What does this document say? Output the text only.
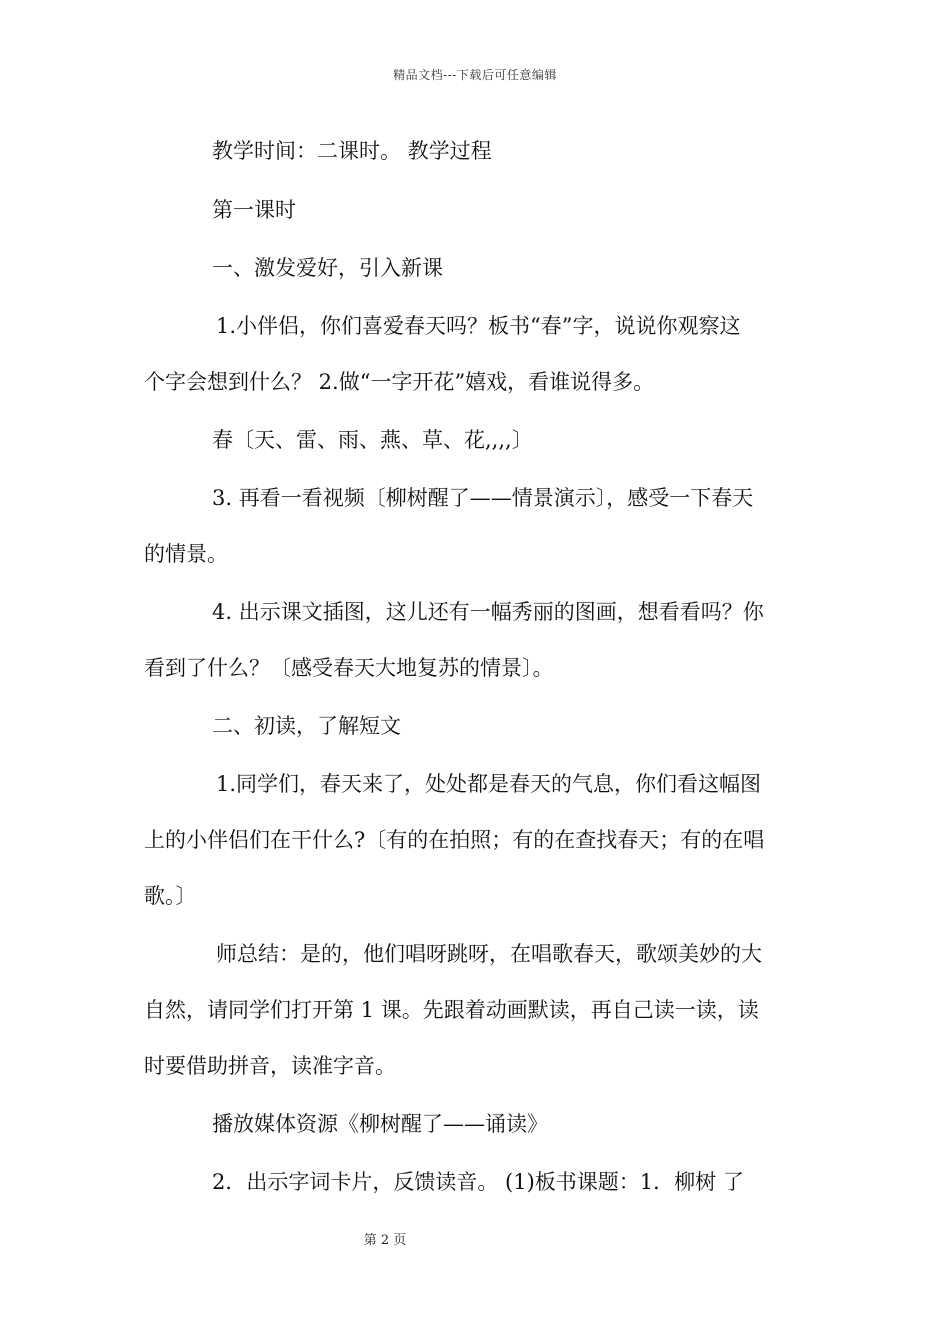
精品文档---下载后可任意编辑
教学时间：二课时。 教学过程
第一课时
一、激发爱好，引入新课
1.小伴侣，你们喜爱春天吗？板书“春”字，说说你观察这
个字会想到什么？ 2.做“一字开花”嬉戏，看谁说得多。
春〔天、雷、雨、燕、草、花,,,,〕
3. 再看一看视频〔柳树醒了——情景演示〕，感受一下春天
的情景。
4. 出示课文插图，这儿还有一幅秀丽的图画，想看看吗？你
看到了什么？〔感受春天大地复苏的情景〕。
二、初读，了解短文
1.同学们，春天来了，处处都是春天的气息，你们看这幅图
上的小伴侣们在干什么?〔有的在拍照；有的在查找春天；有的在唱
歌。〕
师总结：是的，他们唱呀跳呀，在唱歌春天，歌颂美妙的大
自然，请同学们打开第 1 课。先跟着动画默读，再自己读一读，读
时要借助拼音，读准字音。
播放媒体资源《柳树醒了——诵读》
2．出示字词卡片，反馈读音。 (1)板书课题：1．柳树 了
第 2 页
